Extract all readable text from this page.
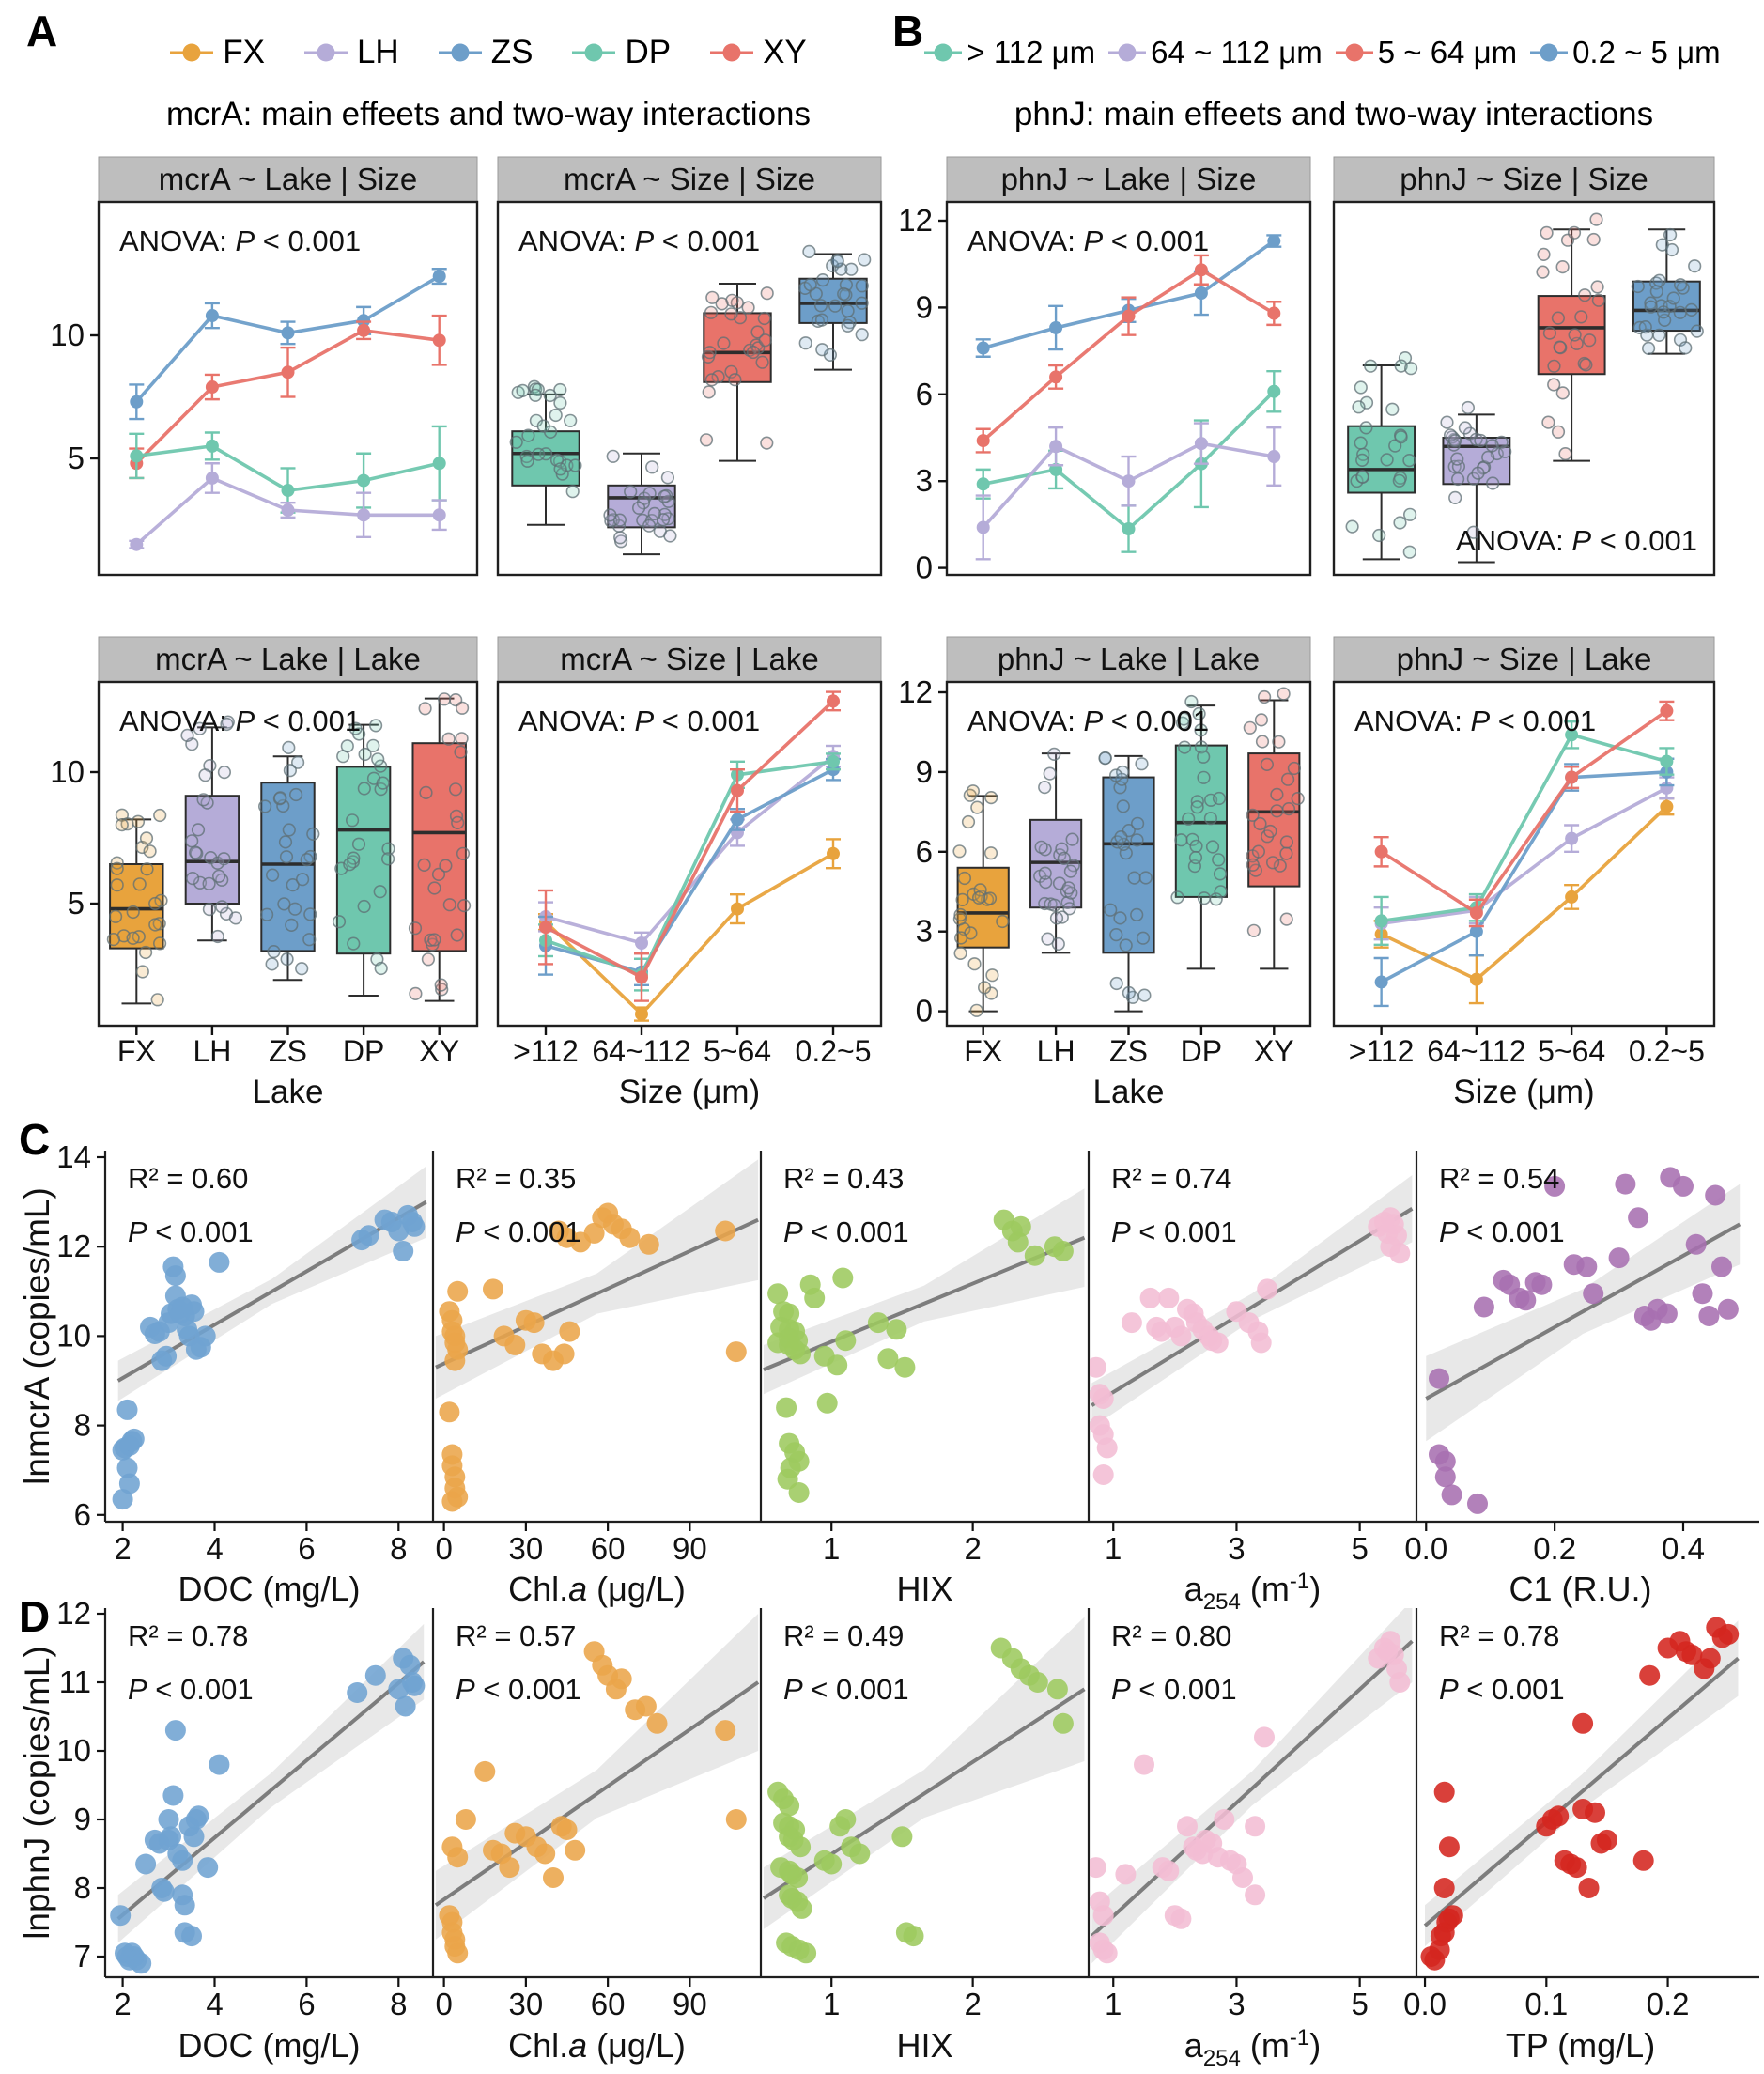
A	B
C
D
FX	LH	ZS	DP	XY	> 112 μm 64 ~ 112 μm 5 ~ 64 μm 0.2 ~ 5 μm
mcrA: main effeets and two-way interactions	phnJ: main effeets and two-way interactions
mcrA ~ Lake | Size
5
10
ANOVA: P < 0.001
mcrA ~ Size | Size
ANOVA: P < 0.001
mcrA ~ Lake | Lake
5
10
ANOVA: P < 0.001
FX LH ZS DP XY
Lake
mcrA ~ Size | Lake
ANOVA: P < 0.001
>112 64~112 5~64 0.2~5
Size (μm)
phnJ ~ Lake | Size
0
3
6
9
12
ANOVA: P < 0.001
phnJ ~ Size | Size
ANOVA: P < 0.001
phnJ ~ Lake | Lake
0
3
6
9
12
ANOVA: P < 0.001
FX LH ZS DP XY
Lake
phnJ ~ Size | Lake
ANOVA: P < 0.001
>112 64~112 5~64 0.2~5
Size (μm)
lnmcrA (copies/mL)
6
8
10
12
14
R² = 0.60
P < 0.001
2 4 6 8
DOC (mg/L)
R² = 0.35
P < 0.001
0 30 60 90
Chl.a (μg/L)
R² = 0.43
P < 0.001
1	2
HIX
R² = 0.74
P < 0.001
1	3	5
$a_{254}$ $(m^{-1})$
R² = 0.54
P < 0.001
0.0	0.2	0.4
C1 (R.U.)
lnphnJ (copies/mL)
7
8
9
10
11
12
R² = 0.78
P < 0.001
2 4 6 8
DOC (mg/L)
R² = 0.57
P < 0.001
0 30 60 90
Chl.a (μg/L)
R² = 0.49
P < 0.001
1	2
HIX
R² = 0.80
P < 0.001
1	3	5
$a_{254}$ $(m^{-1})$
R² = 0.78
P < 0.001
0.0	0.1	0.2
TP (mg/L)
